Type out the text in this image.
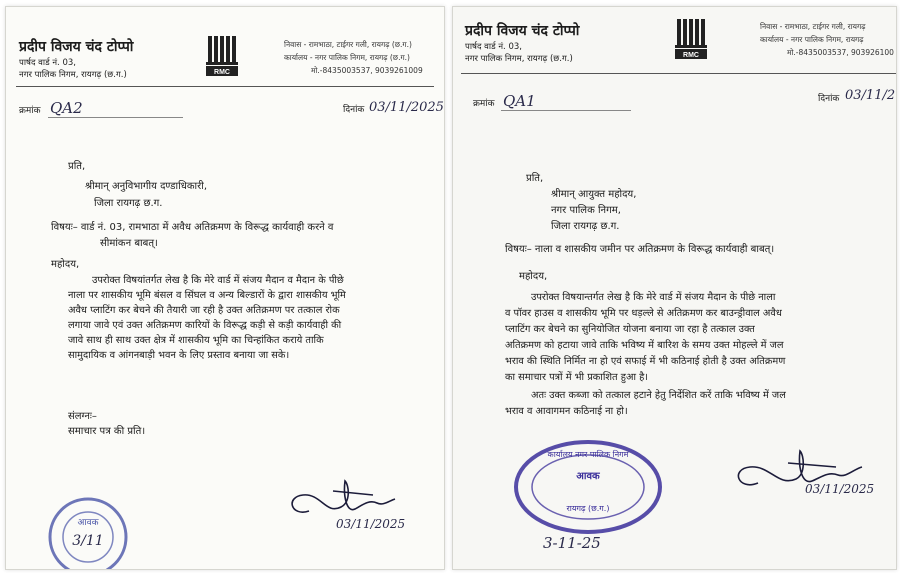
प्रदीप विजय चंद टोप्पो
पार्षद वार्ड नं. 03,
नगर पालिक निगम, रायगढ़ (छ.ग.)	RMC
निवास - रामभाठा, टाईगर गली, रायगढ़ (छ.ग.)
कार्यालय - नगर पालिक निगम, रायगढ़ (छ.ग.)
मो.-8435003537, 9039261009
क्रमांक QA2	दिनांक 03/11/2025
प्रति,
श्रीमान् अनुविभागीय दण्डाधिकारी,
जिला रायगढ़ छ.ग.
विषयः– वार्ड नं. 03, रामभाठा में अवैध अतिक्रमण के विरूद्ध कार्यवाही करने व
सीमांकन बाबत्।
महोदय,
उपरोक्त विषयांतर्गत लेख है कि मेरे वार्ड में संजय मैदान व मैदान के पीछे
नाला पर शासकीय भूमि बंसल व सिंघल व अन्य बिल्डारों के द्वारा शासकीय भूमि
अवैध प्लाटिंग कर बेचने की तैयारी जा रही है उक्त अतिक्रमण पर तत्काल रोक
लगाया जावे एवं उक्त अतिक्रमण कारियों के विरूद्ध कड़ी से कड़ी कार्यवाही की
जावे साथ ही साथ उक्त क्षेत्र में शासकीय भूमि का चिन्हांकित कराये ताकि
सामुदायिक व आंगनबाड़ी भवन के लिए प्रस्ताव बनाया जा सके।
संलग्नः–
समाचार पत्र की प्रति।
03/11/2025
आवक
3/11
प्रदीप विजय चंद टोप्पो
पार्षद वार्ड नं. 03,
नगर पालिक निगम, रायगढ़ (छ.ग.)	RMC
निवास - रामभाठा, टाईगर गली, रायगढ़
कार्यालय - नगर पालिक निगम, रायगढ़
मो.-8435003537, 903926100
क्रमांक QA1	दिनांक 03/11/2
प्रति,
श्रीमान् आयुक्त महोदय,
नगर पालिक निगम,
जिला रायगढ़ छ.ग.
विषयः– नाला व शासकीय जमीन पर अतिक्रमण के विरूद्ध कार्यवाही बाबत्।
महोदय,
उपरोक्त विषयान्तर्गत लेख है कि मेरे वार्ड में संजय मैदान के पीछे नाला
व पॉवर हाउस व शासकीय भूमि पर धड़ल्ले से अतिक्रमण कर बाउन्ड्रीवाल अवैध
प्लाटिंग कर बेचने का सुनियोजित योजना बनाया जा रहा है तत्काल उक्त
अतिक्रमण को हटाया जावे ताकि भविष्य में बारिश के समय उक्त मोहल्ले में जल
भराव की स्थिति निर्मित ना हो एवं सफाई में भी कठिनाई होती है उक्त अतिक्रमण
का समाचार पत्रों में भी प्रकाशित हुआ है।
अतः उक्त कब्जा को तत्काल हटाने हेतु निर्देशित करें ताकि भविष्य में जल
भराव व आवागमन कठिनाई ना हो।
कार्यालय नगर पालिक निगम
आवक
रायगढ़ (छ.ग.)
3-11-25
03/11/2025
